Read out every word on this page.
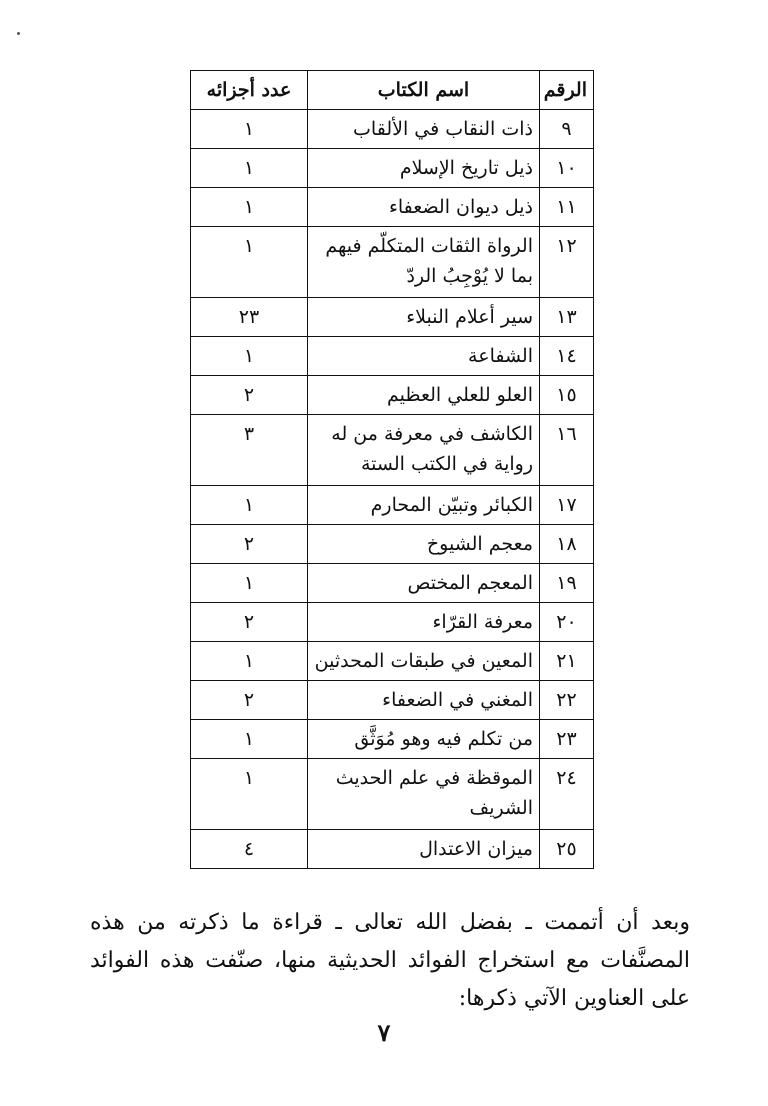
الرقم	اسم الكتاب	عدد أجزائه
٩	ذات النقاب في الألقاب	١
١٠	ذيل تاريخ الإسلام	١
١١	ذيل ديوان الضعفاء	١
١٢	الرواة الثقات المتكلّم فيهم بما لا يُوْجِبُ الردّ	١
١٣	سير أعلام النبلاء	٢٣
١٤	الشفاعة	١
١٥	العلو للعلي العظيم	٢
١٦	الكاشف في معرفة من له رواية في الكتب الستة	٣
١٧	الكبائر وتبيّن المحارم	١
١٨	معجم الشيوخ	٢
١٩	المعجم المختص	١
٢٠	معرفة القرّاء	٢
٢١	المعين في طبقات المحدثين	١
٢٢	المغني في الضعفاء	٢
٢٣	من تكلم فيه وهو مُوَثَّق	١
٢٤	الموقظة في علم الحديث الشريف	١
٢٥	ميزان الاعتدال	٤

وبعد أن أتممت ـ بفضل الله تعالى ـ قراءة ما ذكرته من هذه المصنَّفات مع استخراج الفوائد الحديثية منها، صنّفت هذه الفوائد على العناوين الآتي ذكرها:

٧
